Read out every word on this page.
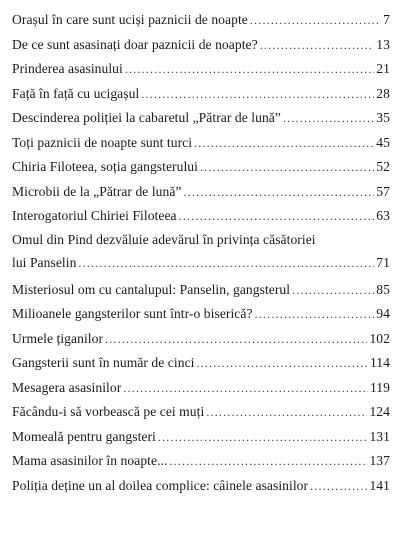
Orașul în care sunt uciși paznicii de noapte .....	7
De ce sunt asasinați doar paznicii de noapte? .....	13
Prinderea asasinului .....	21
Față în față cu ucigașul .....	28
Descinderea poliției la cabaretul „Pătrar de lună” .....	35
Toți paznicii de noapte sunt turci .....	45
Chiria Filoteea, soția gangsterului .....	52
Microbii de la „Pătrar de lună” .....	57
Interogatoriul Chiriei Filoteea .....	63
Omul din Pind dezvăluie adevărul în privința căsătoriei
lui Panselin .....	71
Misteriosul om cu cantalupul: Panselin, gangsterul .....	85
Milioanele gangsterilor sunt într-o biserică? .....	94
Urmele țiganilor .....	102
Gangsterii sunt în număr de cinci .....	114
Mesagera asasinilor .....	119
Făcându-i să vorbească pe cei muți .....	124
Momeală pentru gangsteri .....	131
Mama asasinilor în noapte... .....	137
Poliția deține un al doilea complice: câinele asasinilor .....	141
